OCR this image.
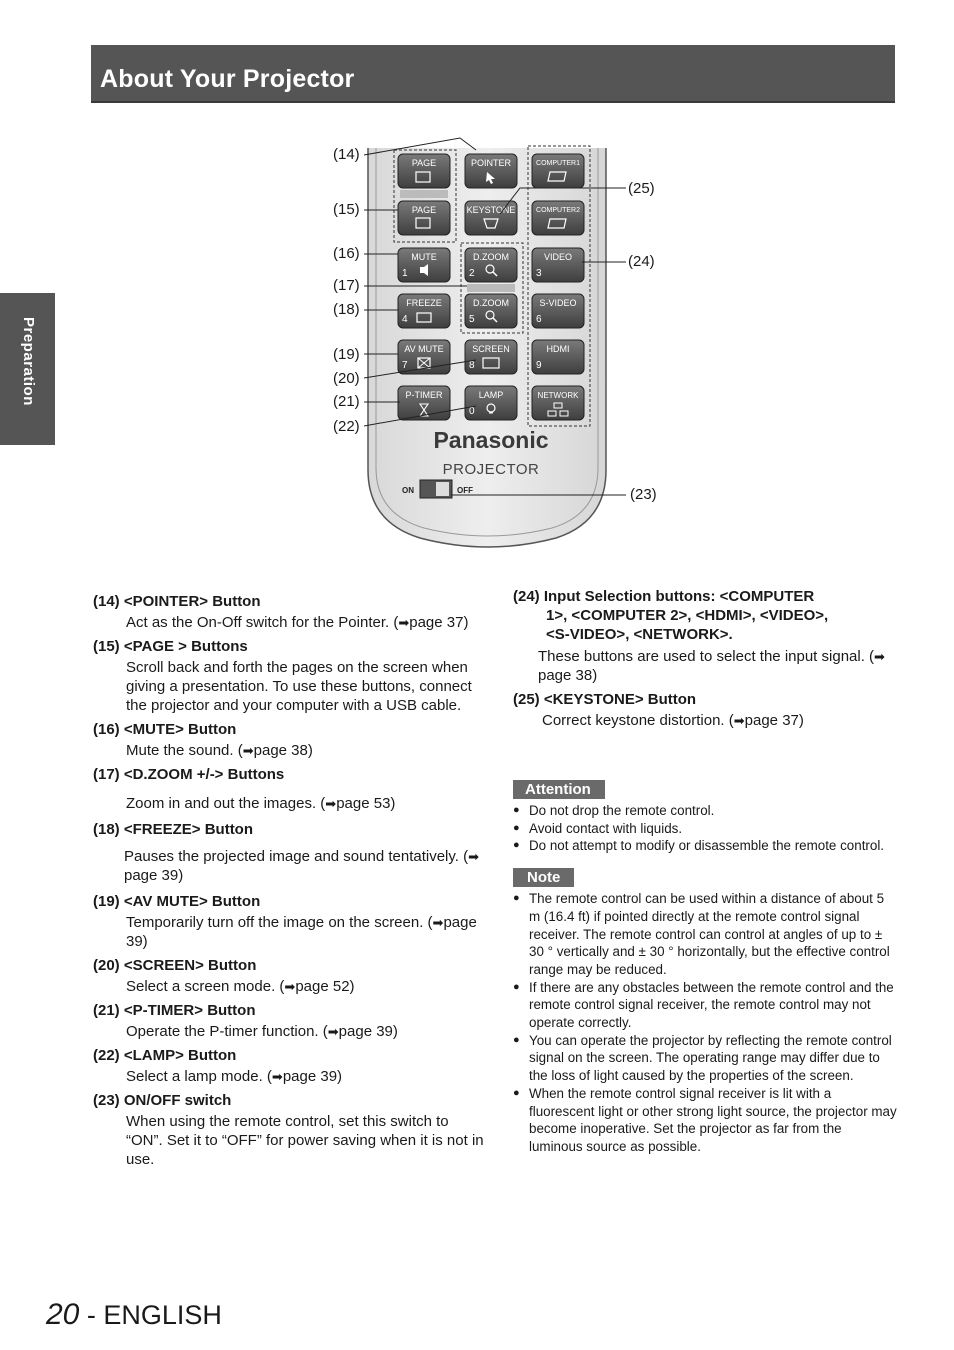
About Your Projector
Preparation
PAGE	POINTER	COMPUTER1
PAGE	KEYSTONE	COMPUTER2
MUTE
1
D.ZOOM
2
VIDEO
3
FREEZE
4
D.ZOOM
5
S-VIDEO
6
AV MUTE
7
SCREEN
8
HDMI
9
P-TIMER	LAMP
0
NETWORK
Panasonic
PROJECTOR
ON	OFF
(14)
(15)
(16)
(17)
(18)
(19)
(20)
(21)
(22)
(25)
(24)
(23)
(14) <POINTER> Button
Act as the On-Off switch for the Pointer. (➡page 37)
(15) <PAGE > Buttons
Scroll back and forth the pages on the screen when giving a presentation. To use these buttons, connect the projector and your computer with a USB cable.
(16) <MUTE> Button
Mute the sound. (➡page 38)
(17) <D.ZOOM +/-> Buttons
Zoom in and out the images. (➡page 53)
(18) <FREEZE> Button
Pauses the projected image and sound tentatively. (➡page 39)
(19) <AV MUTE> Button
Temporarily turn off the image on the screen. (➡page 39)
(20) <SCREEN> Button
Select a screen mode. (➡page 52)
(21) <P-TIMER> Button
Operate the P-timer function. (➡page 39)
(22) <LAMP> Button
Select a lamp mode. (➡page 39)
(23) ON/OFF switch
When using the remote control, set this switch to “ON”. Set it to “OFF” for power saving when it is not in use.
(24) Input Selection buttons: <COMPUTER
1>, <COMPUTER 2>, <HDMI>, <VIDEO>,
<S-VIDEO>, <NETWORK>.
These buttons are used to select the input signal. (➡page 38)
(25) <KEYSTONE> Button
Correct keystone distortion. (➡page 37)
Attention
● Do not drop the remote control.
● Avoid contact with liquids.
● Do not attempt to modify or disassemble the remote control.
Note
● The remote control can be used within a distance of about 5 m (16.4 ft) if pointed directly at the remote control signal receiver. The remote control can control at angles of up to ± 30 ° vertically and ± 30 ° horizontally, but the effective control range may be reduced.
● If there are any obstacles between the remote control and the remote control signal receiver, the remote control may not operate correctly.
● You can operate the projector by reflecting the remote control signal on the screen. The operating range may differ due to the loss of light caused by the properties of the screen.
● When the remote control signal receiver is lit with a fluorescent light or other strong light source, the projector may become inoperative. Set the projector as far from the luminous source as possible.
20 - ENGLISH
